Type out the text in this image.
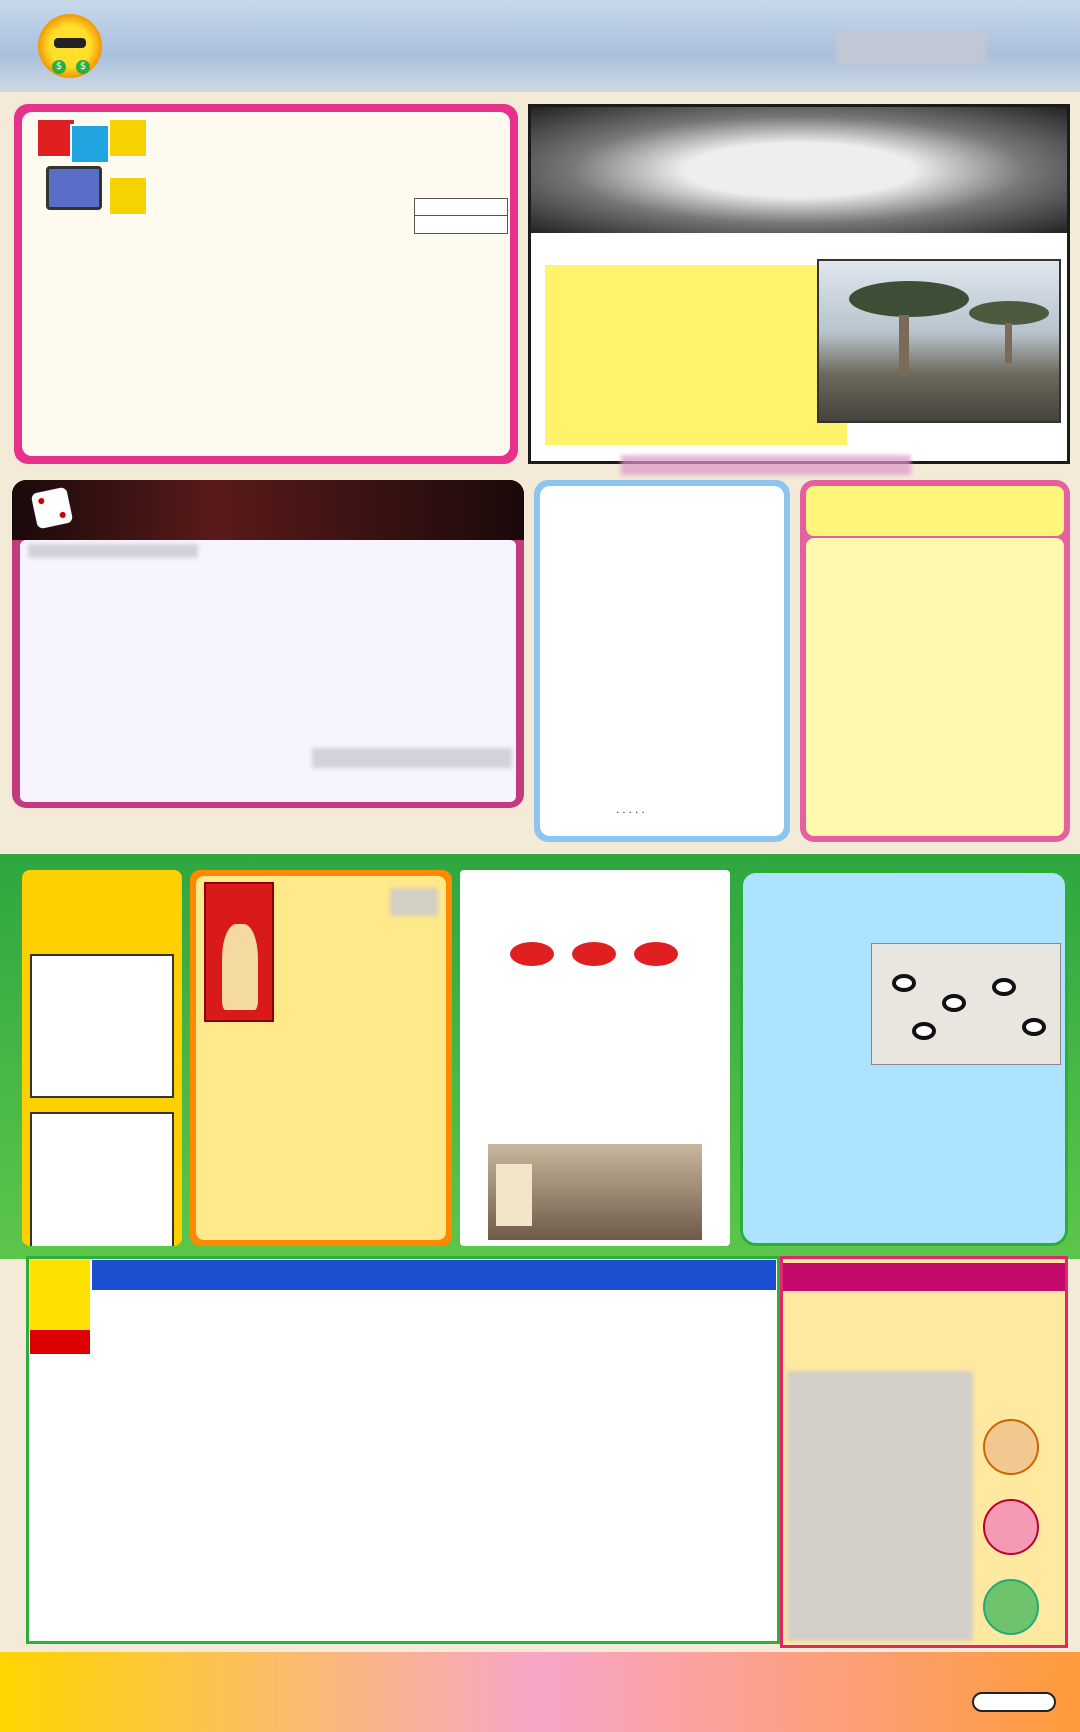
$	$
· · · · ·
